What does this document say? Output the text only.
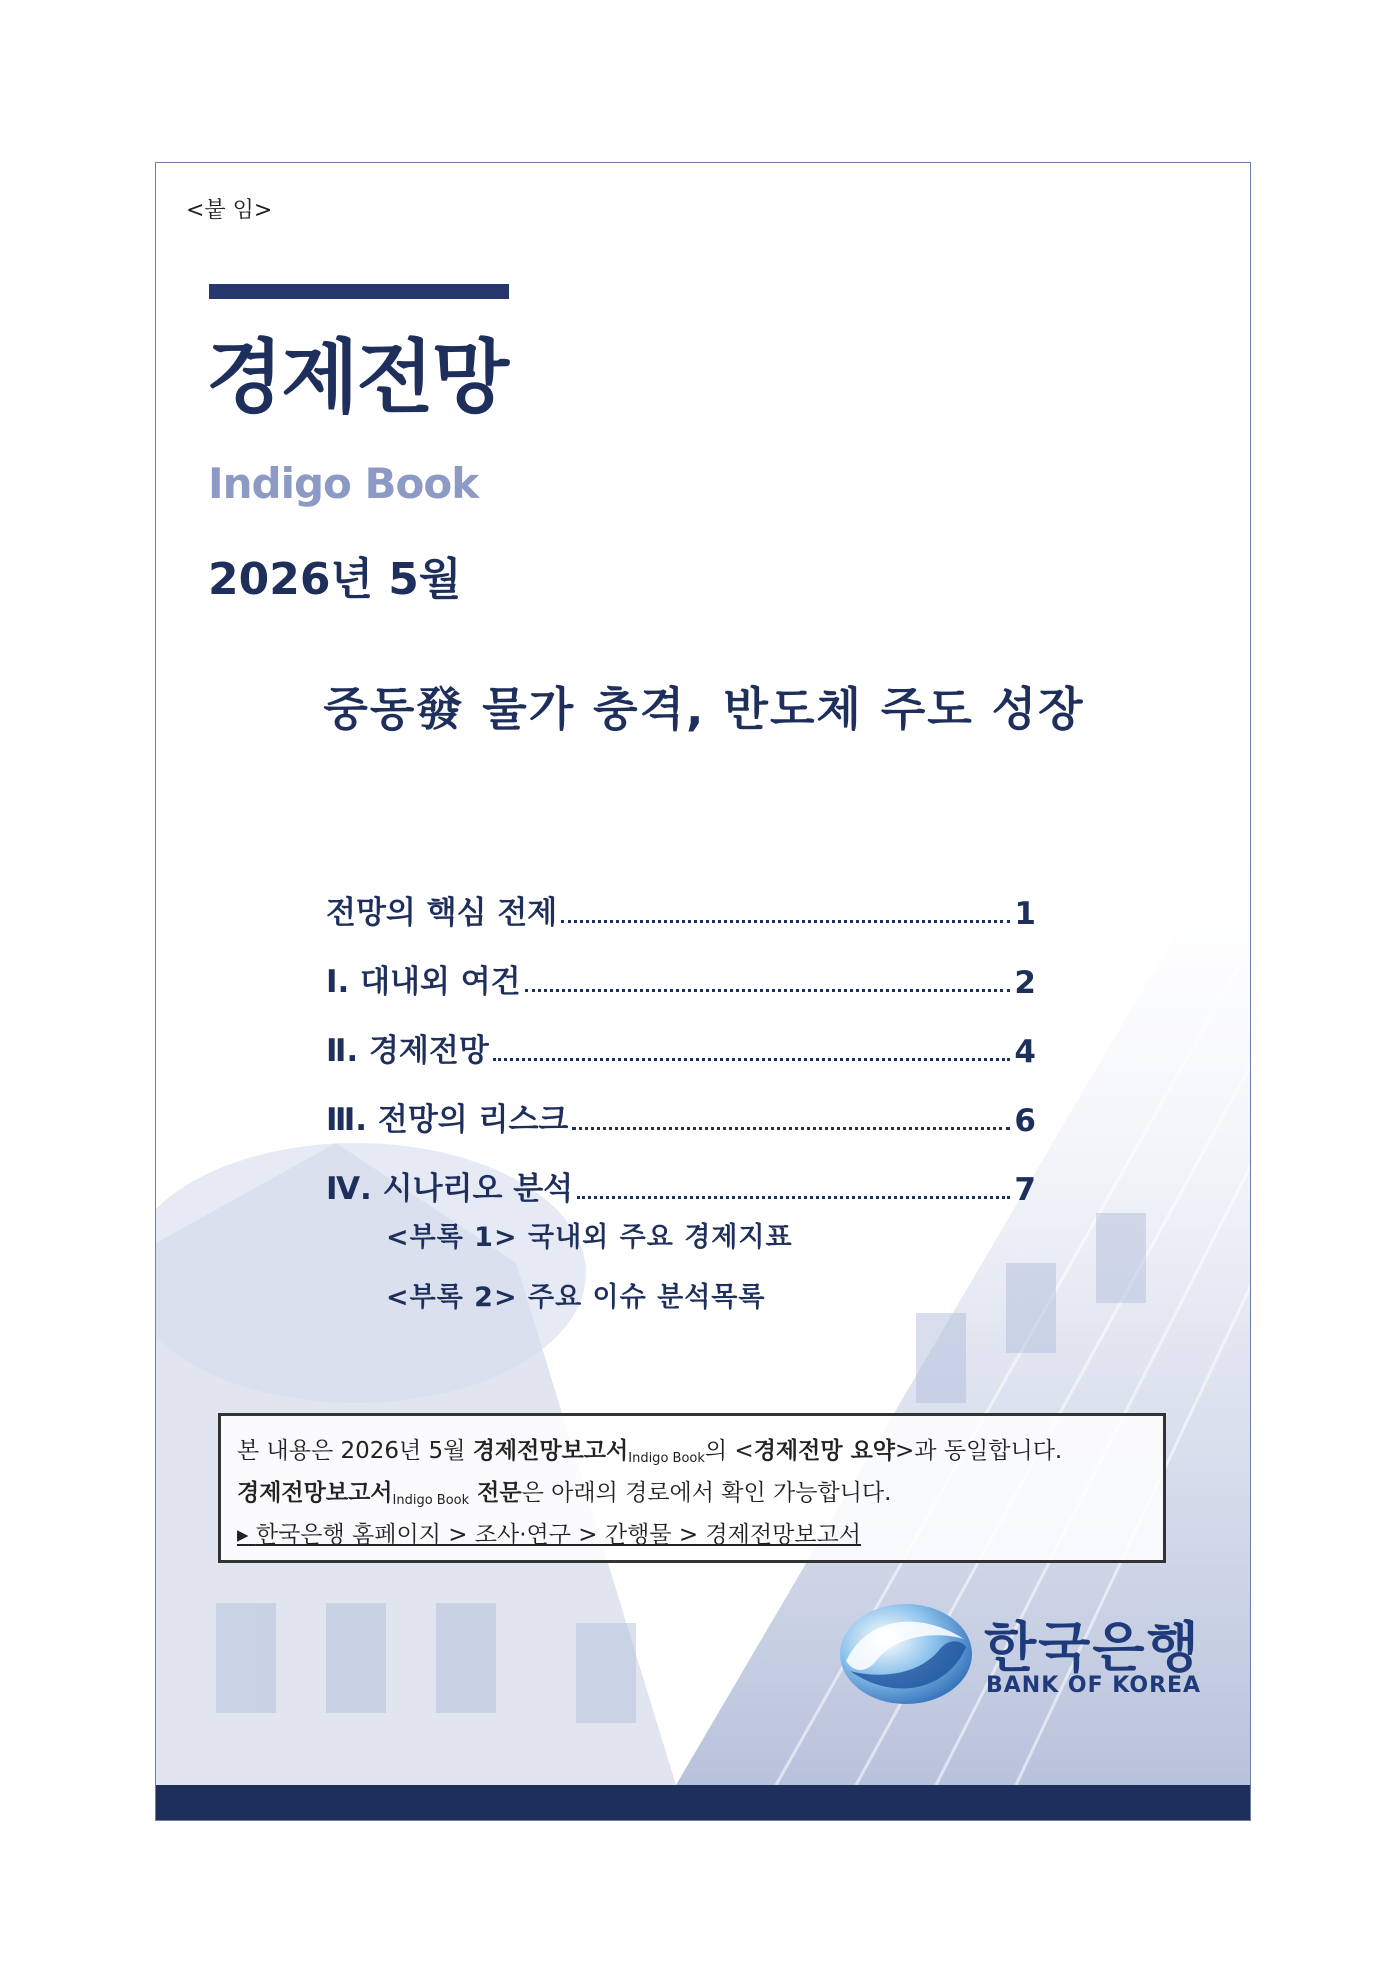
<붙 임>
경제전망
Indigo Book
2026년 5월
중동發 물가 충격, 반도체 주도 성장
전망의 핵심 전제	1
Ⅰ. 대내외 여건	2
Ⅱ. 경제전망	4
Ⅲ. 전망의 리스크	6
Ⅳ. 시나리오 분석	7
<부록 1> 국내외 주요 경제지표
<부록 2> 주요 이슈 분석목록
본 내용은 2026년 5월 경제전망보고서$_{Indigo Book}$의 <경제전망 요약>과 동일합니다.
경제전망보고서$_{Indigo Book}$ 전문은 아래의 경로에서 확인 가능합니다.
▸ 한국은행 홈페이지 > 조사·연구 > 간행물 > 경제전망보고서
한국은행
BANK OF KOREA
